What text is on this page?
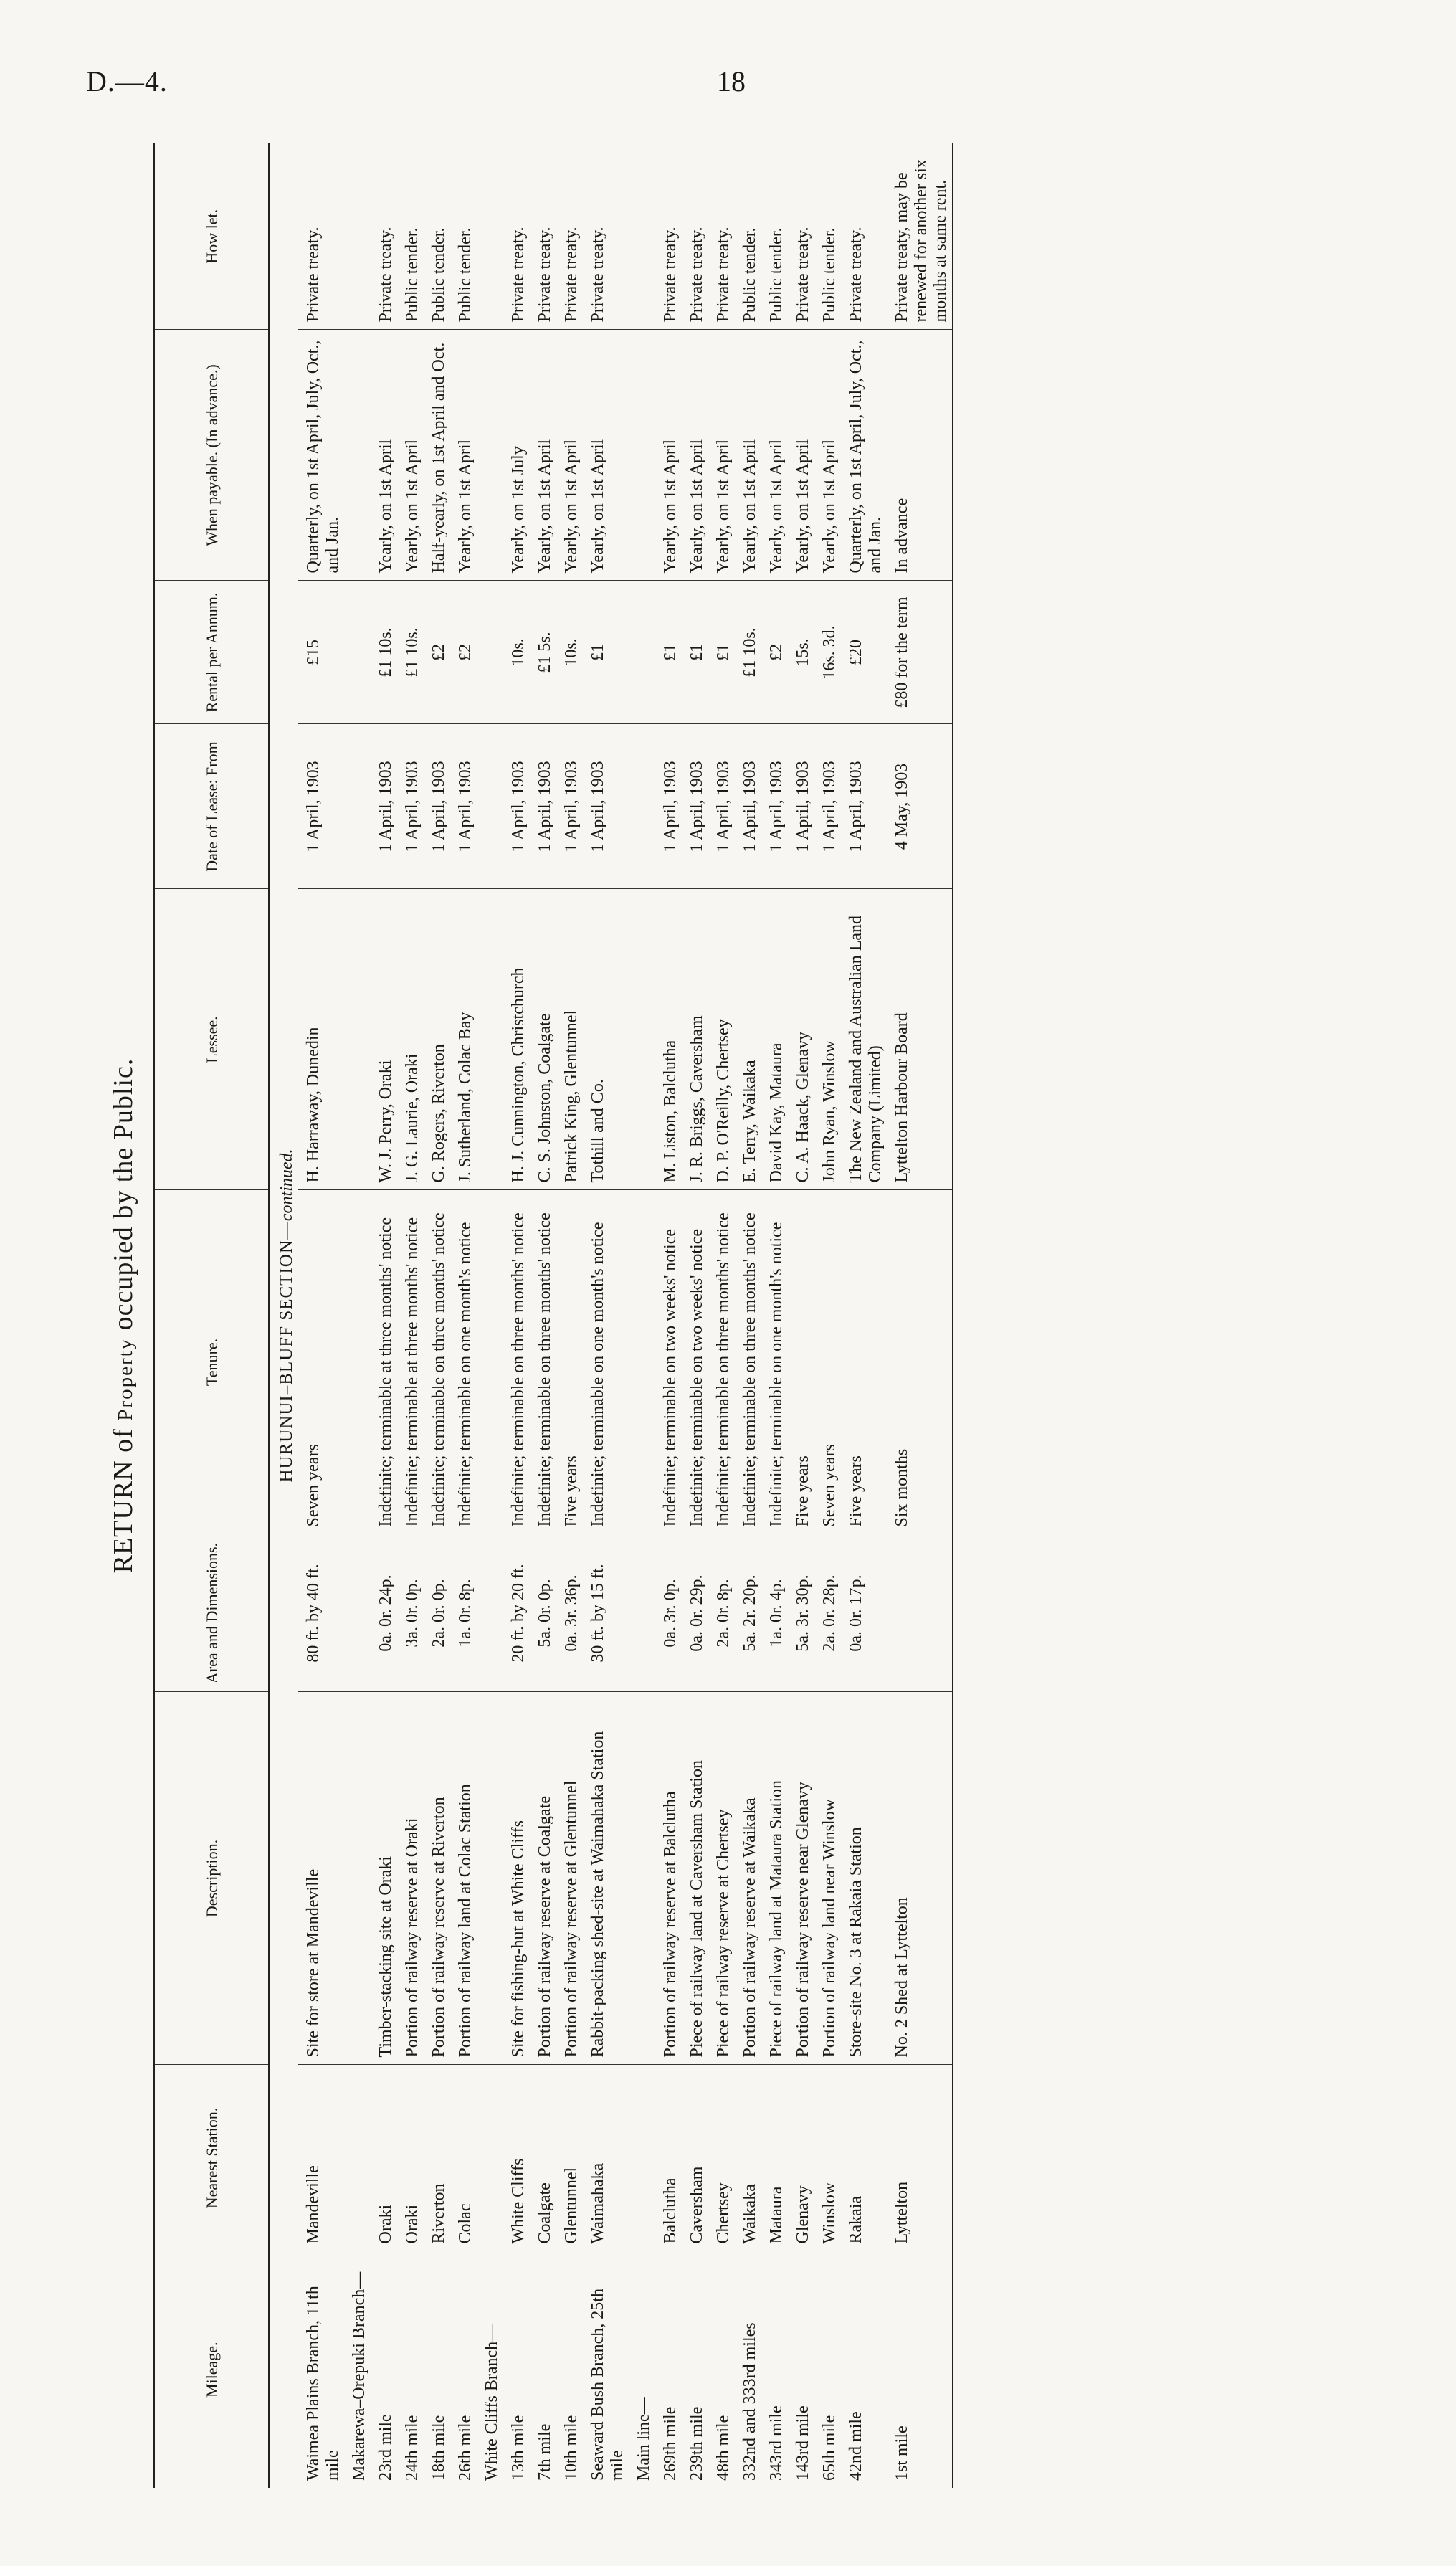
D.—4.	18
RETURN of Property occupied by the Public.
Mileage.	Nearest Station.	Description.	Area and Dimensions.	Tenure.	Lessee.	Date of Lease: From	Rental per Annum.	When payable. (In advance.)	How let.
HURUNUI–BLUFF SECTION—continued.									
Waimea Plains Branch, 11th mile	Mandeville	Site for store at Mandeville	80 ft. by 40 ft.	Seven years	H. Harraway, Dunedin	1 April, 1903	£15	Quarterly, on 1st April, July, Oct., and Jan.	Private treaty.
Makarewa–Orepuki Branch—									
23rd mile	Oraki	Timber-stacking site at Oraki	0a. 0r. 24p.	Indefinite; terminable at three months' notice	W. J. Perry, Oraki	1 April, 1903	£1 10s.	Yearly, on 1st April	Private treaty.
24th mile	Oraki	Portion of railway reserve at Oraki	3a. 0r. 0p.	Indefinite; terminable at three months' notice	J. G. Laurie, Oraki	1 April, 1903	£1 10s.	Yearly, on 1st April	Public tender.
18th mile	Riverton	Portion of railway reserve at Riverton	2a. 0r. 0p.	Indefinite; terminable on three months' notice	G. Rogers, Riverton	1 April, 1903	£2	Half-yearly, on 1st April and Oct.	Public tender.
26th mile	Colac	Portion of railway land at Colac Station	1a. 0r. 8p.	Indefinite; terminable on one month's notice	J. Sutherland, Colac Bay	1 April, 1903	£2	Yearly, on 1st April	Public tender.
White Cliffs Branch—									
13th mile	White Cliffs	Site for fishing-hut at White Cliffs	20 ft. by 20 ft.	Indefinite; terminable on three months' notice	H. J. Cunnington, Christchurch	1 April, 1903	10s.	Yearly, on 1st July	Private treaty.
7th mile	Coalgate	Portion of railway reserve at Coalgate	5a. 0r. 0p.	Indefinite; terminable on three months' notice	C. S. Johnston, Coalgate	1 April, 1903	£1 5s.	Yearly, on 1st April	Private treaty.
10th mile	Glentunnel	Portion of railway reserve at Glentunnel	0a. 3r. 36p.	Five years	Patrick King, Glentunnel	1 April, 1903	10s.	Yearly, on 1st April	Private treaty.
Seaward Bush Branch, 25th mile	Waimahaka	Rabbit-packing shed-site at Waimahaka Station	30 ft. by 15 ft.	Indefinite; terminable on one month's notice	Tothill and Co.	1 April, 1903	£1	Yearly, on 1st April	Private treaty.
Main line—									
269th mile	Balclutha	Portion of railway reserve at Balclutha	0a. 3r. 0p.	Indefinite; terminable on two weeks' notice	M. Liston, Balclutha	1 April, 1903	£1	Yearly, on 1st April	Private treaty.
239th mile	Caversham	Piece of railway land at Caversham Station	0a. 0r. 29p.	Indefinite; terminable on two weeks' notice	J. R. Briggs, Caversham	1 April, 1903	£1	Yearly, on 1st April	Private treaty.
48th mile	Chertsey	Piece of railway reserve at Chertsey	2a. 0r. 8p.	Indefinite; terminable on three months' notice	D. P. O'Reilly, Chertsey	1 April, 1903	£1	Yearly, on 1st April	Private treaty.
332nd and 333rd miles	Waikaka	Portion of railway reserve at Waikaka	5a. 2r. 20p.	Indefinite; terminable on three months' notice	E. Terry, Waikaka	1 April, 1903	£1 10s.	Yearly, on 1st April	Public tender.
343rd mile	Mataura	Piece of railway land at Mataura Station	1a. 0r. 4p.	Indefinite; terminable on one month's notice	David Kay, Mataura	1 April, 1903	£2	Yearly, on 1st April	Public tender.
143rd mile	Glenavy	Portion of railway reserve near Glenavy	5a. 3r. 30p.	Five years	C. A. Haack, Glenavy	1 April, 1903	15s.	Yearly, on 1st April	Private treaty.
65th mile	Winslow	Portion of railway land near Winslow	2a. 0r. 28p.	Seven years	John Ryan, Winslow	1 April, 1903	16s. 3d.	Yearly, on 1st April	Public tender.
42nd mile	Rakaia	Store-site No. 3 at Rakaia Station	0a. 0r. 17p.	Five years	The New Zealand and Australian Land Company (Limited)	1 April, 1903	£20	Quarterly, on 1st April, July, Oct., and Jan.	Private treaty.
1st mile	Lyttelton	No. 2 Shed at Lyttelton		Six months	Lyttelton Harbour Board	4 May, 1903	£80 for the term	In advance	Private treaty, may be renewed for another six months at same rent.
